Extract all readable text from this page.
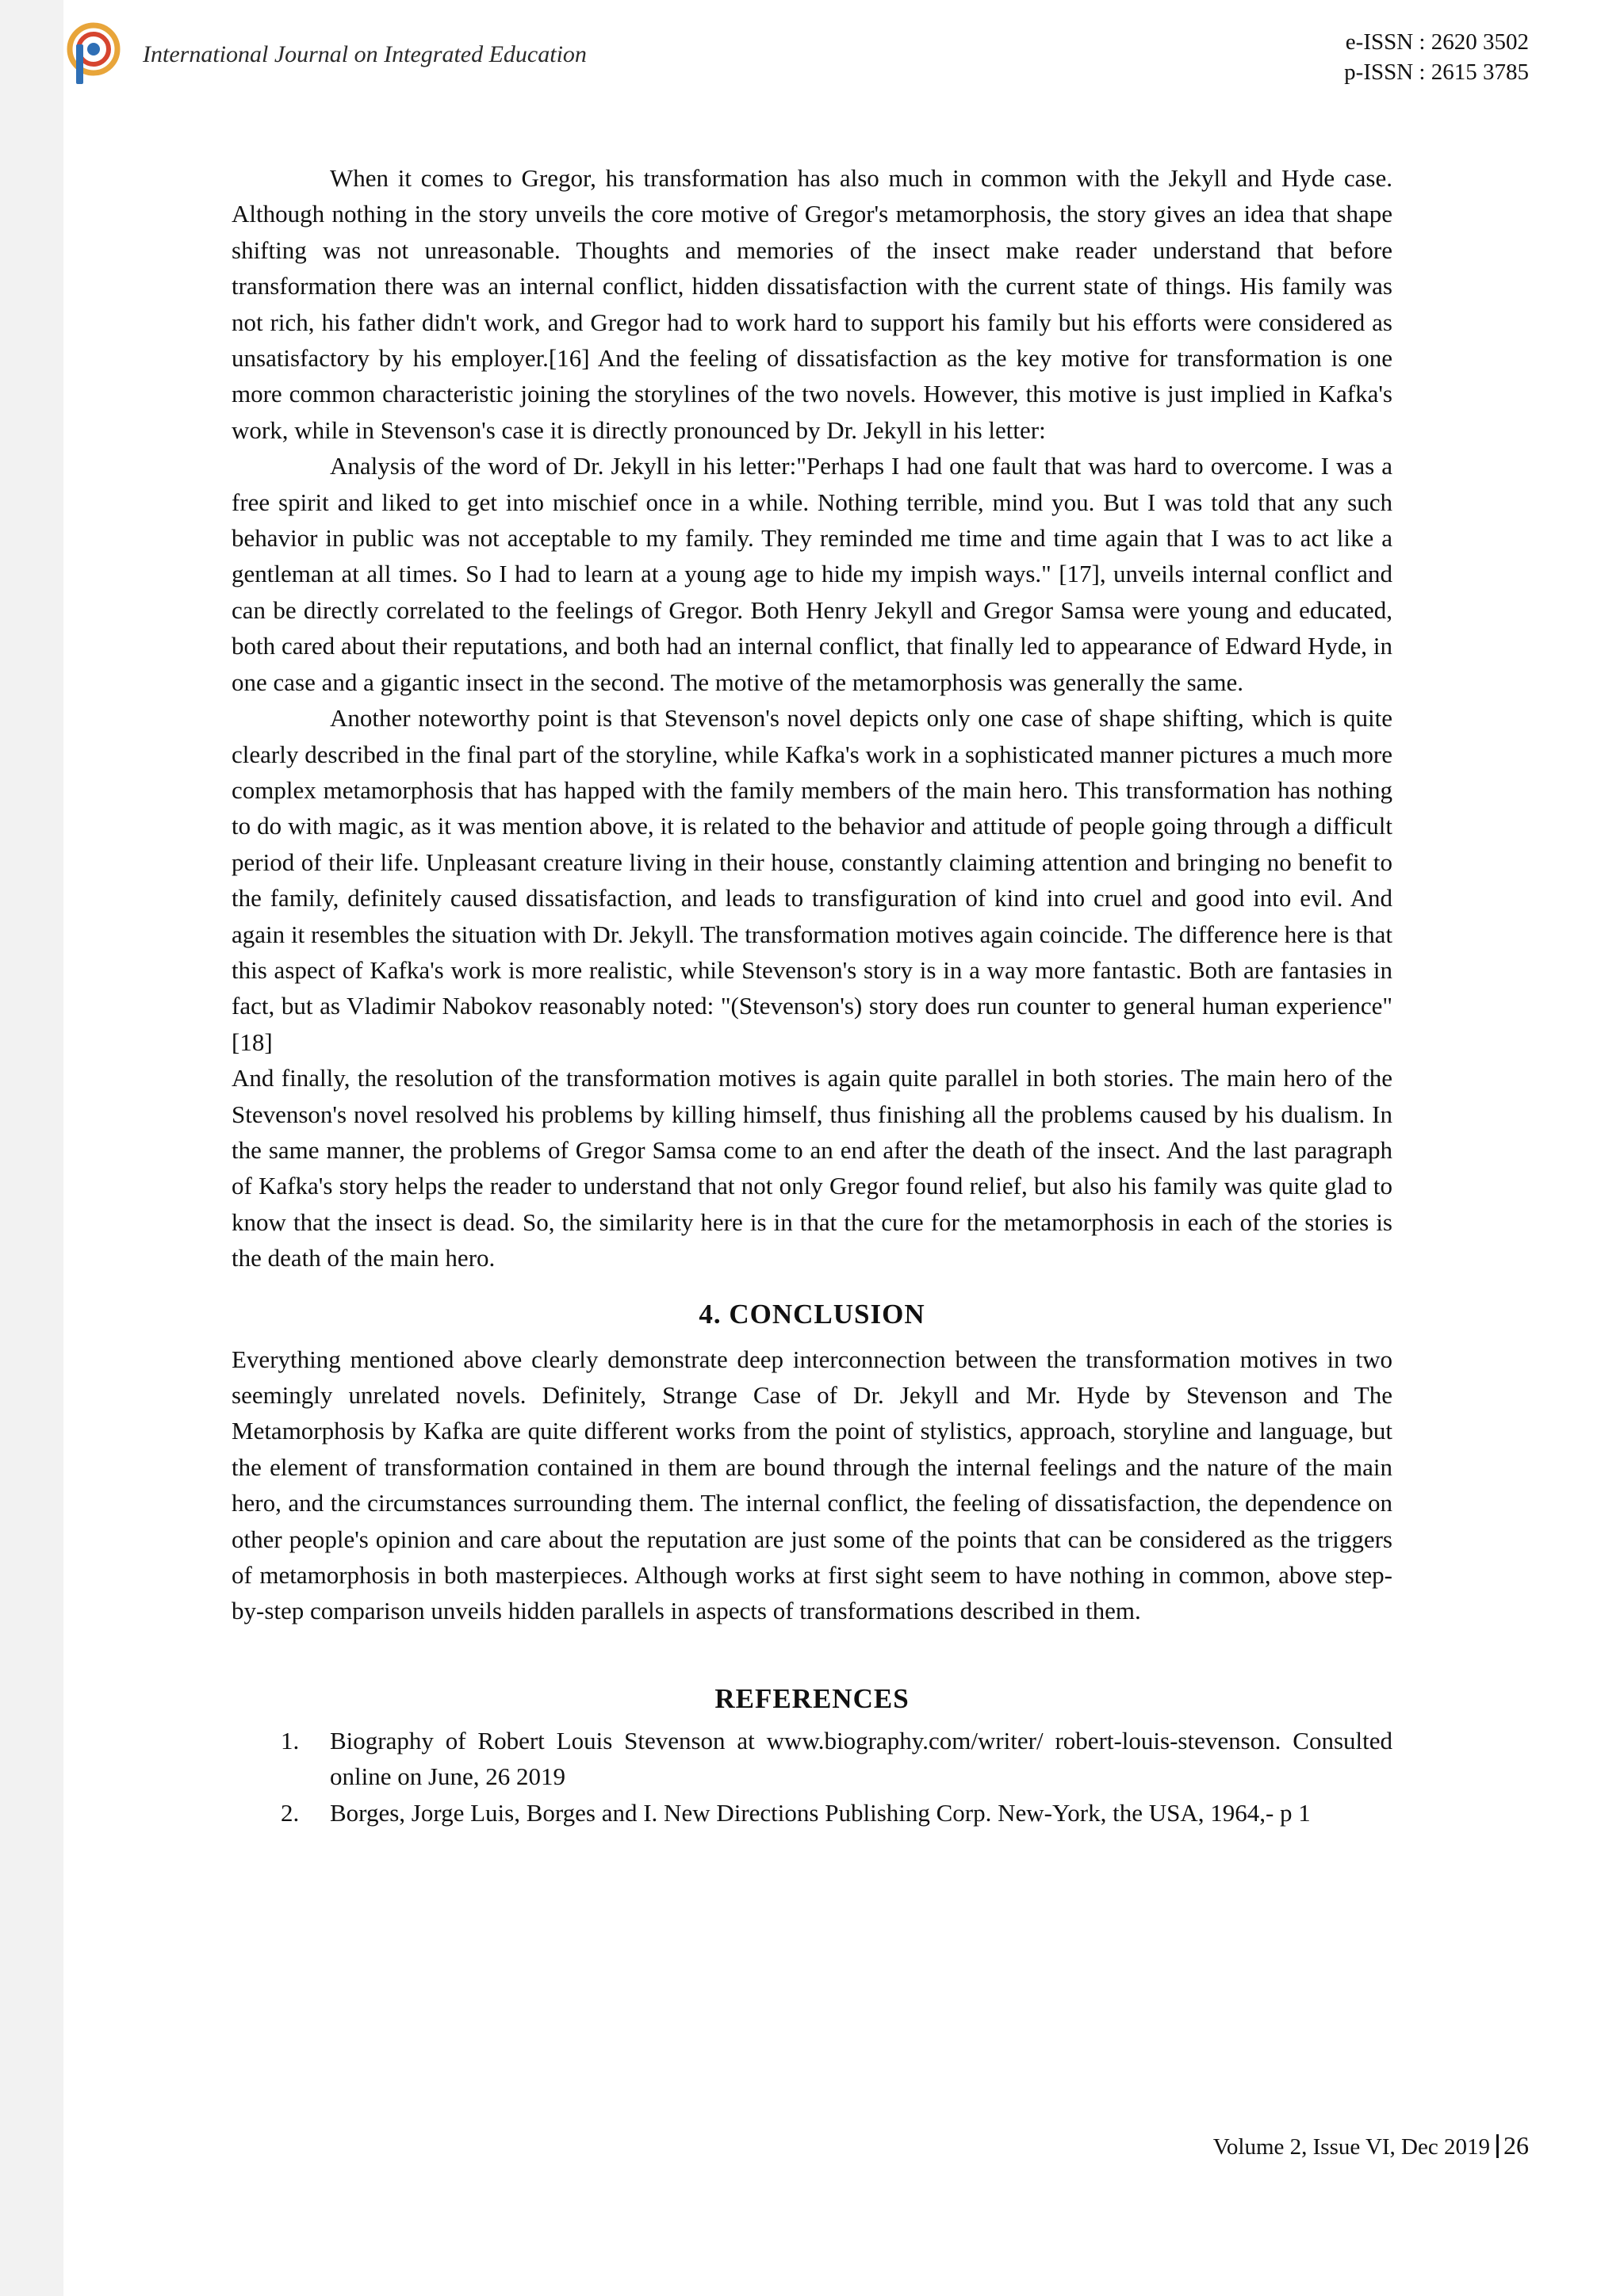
International Journal on Integrated Education	e-ISSN : 2620 3502
p-ISSN : 2615 3785

When it comes to Gregor, his transformation has also much in common with the Jekyll and Hyde case. Although nothing in the story unveils the core motive of Gregor's metamorphosis, the story gives an idea that shape shifting was not unreasonable. Thoughts and memories of the insect make reader understand that before transformation there was an internal conflict, hidden dissatisfaction with the current state of things. His family was not rich, his father didn't work, and Gregor had to work hard to support his family but his efforts were considered as unsatisfactory by his employer.[16] And the feeling of dissatisfaction as the key motive for transformation is one more common characteristic joining the storylines of the two novels. However, this motive is just implied in Kafka's work, while in Stevenson's case it is directly pronounced by Dr. Jekyll in his letter:

Analysis of the word of Dr. Jekyll in his letter:"Perhaps I had one fault that was hard to overcome. I was a free spirit and liked to get into mischief once in a while. Nothing terrible, mind you. But I was told that any such behavior in public was not acceptable to my family. They reminded me time and time again that I was to act like a gentleman at all times. So I had to learn at a young age to hide my impish ways." [17], unveils internal conflict and can be directly correlated to the feelings of Gregor. Both Henry Jekyll and Gregor Samsa were young and educated, both cared about their reputations, and both had an internal conflict, that finally led to appearance of Edward Hyde, in one case and a gigantic insect in the second. The motive of the metamorphosis was generally the same.

Another noteworthy point is that Stevenson's novel depicts only one case of shape shifting, which is quite clearly described in the final part of the storyline, while Kafka's work in a sophisticated manner pictures a much more complex metamorphosis that has happed with the family members of the main hero. This transformation has nothing to do with magic, as it was mention above, it is related to the behavior and attitude of people going through a difficult period of their life. Unpleasant creature living in their house, constantly claiming attention and bringing no benefit to the family, definitely caused dissatisfaction, and leads to transfiguration of kind into cruel and good into evil. And again it resembles the situation with Dr. Jekyll. The transformation motives again coincide. The difference here is that this aspect of Kafka's work is more realistic, while Stevenson's story is in a way more fantastic. Both are fantasies in fact, but as Vladimir Nabokov reasonably noted: "(Stevenson's) story does run counter to general human experience"[18]

And finally, the resolution of the transformation motives is again quite parallel in both stories. The main hero of the Stevenson's novel resolved his problems by killing himself, thus finishing all the problems caused by his dualism. In the same manner, the problems of Gregor Samsa come to an end after the death of the insect. And the last paragraph of Kafka's story helps the reader to understand that not only Gregor found relief, but also his family was quite glad to know that the insect is dead. So, the similarity here is in that the cure for the metamorphosis in each of the stories is the death of the main hero.

4. CONCLUSION

Everything mentioned above clearly demonstrate deep interconnection between the transformation motives in two seemingly unrelated novels. Definitely, Strange Case of Dr. Jekyll and Mr. Hyde by Stevenson and The Metamorphosis by Kafka are quite different works from the point of stylistics, approach, storyline and language, but the element of transformation contained in them are bound through the internal feelings and the nature of the main hero, and the circumstances surrounding them. The internal conflict, the feeling of dissatisfaction, the dependence on other people's opinion and care about the reputation are just some of the points that can be considered as the triggers of metamorphosis in both masterpieces. Although works at first sight seem to have nothing in common, above step-by-step comparison unveils hidden parallels in aspects of transformations described in them.

REFERENCES
1. Biography of Robert Louis Stevenson at www.biography.com/writer/ robert-louis-stevenson. Consulted online on June, 26 2019
2. Borges, Jorge Luis, Borges and I. New Directions Publishing Corp. New-York, the USA, 1964,- p 1
Volume 2, Issue VI, Dec 2019 26
